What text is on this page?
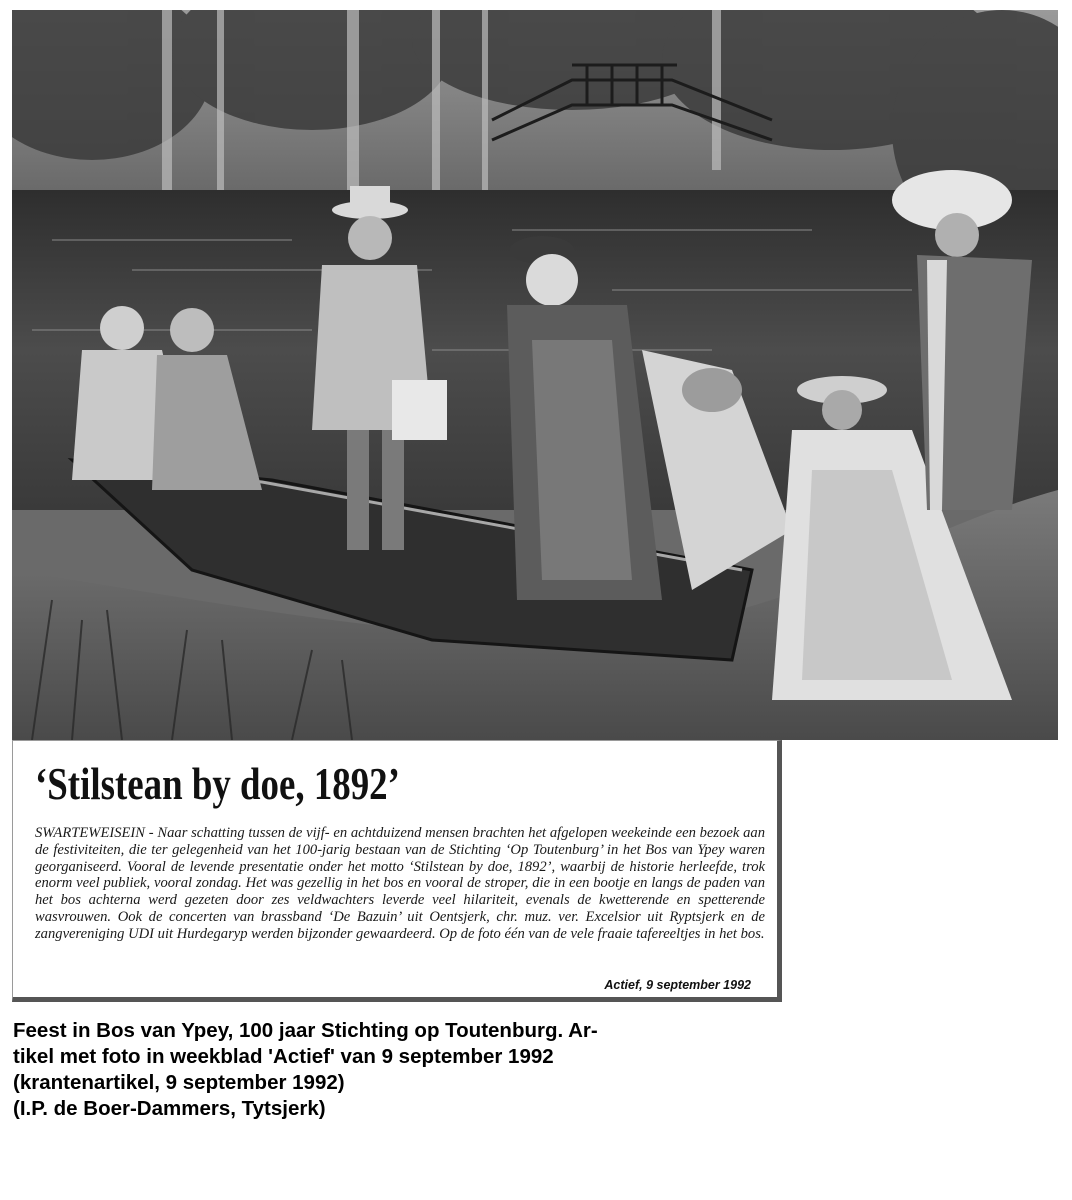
‘Stilstean by doe, 1892’

SWARTEWEISEIN - Naar schatting tussen de vijf- en achtduizend mensen brachten het afgelopen weekeinde een bezoek aan de festiviteiten, die ter gelegenheid van het 100-jarig bestaan van de Stichting ‘Op Toutenburg’ in het Bos van Ypey waren georganiseerd. Vooral de levende presentatie onder het motto ‘Stilstean by doe, 1892’, waarbij de historie herleefde, trok enorm veel publiek, vooral zondag. Het was gezellig in het bos en vooral de stroper, die in een bootje en langs de paden van het bos achterna werd gezeten door zes veldwachters leverde veel hilariteit, evenals de kwetterende en spetterende wasvrouwen. Ook de concerten van brassband ‘De Bazuin’ uit Oentsjerk, chr. muz. ver. Excelsior uit Ryptsjerk en de zangvereniging UDI uit Hurdegaryp werden bijzonder gewaardeerd. Op de foto één van de vele fraaie tafereeltjes in het bos.

Actief, 9 september 1992
Feest in Bos van Ypey, 100 jaar Stichting op Toutenburg. Ar-
tikel met foto in weekblad 'Actief' van 9 september 1992
(krantenartikel, 9 september 1992)
(I.P. de Boer-Dammers, Tytsjerk)
